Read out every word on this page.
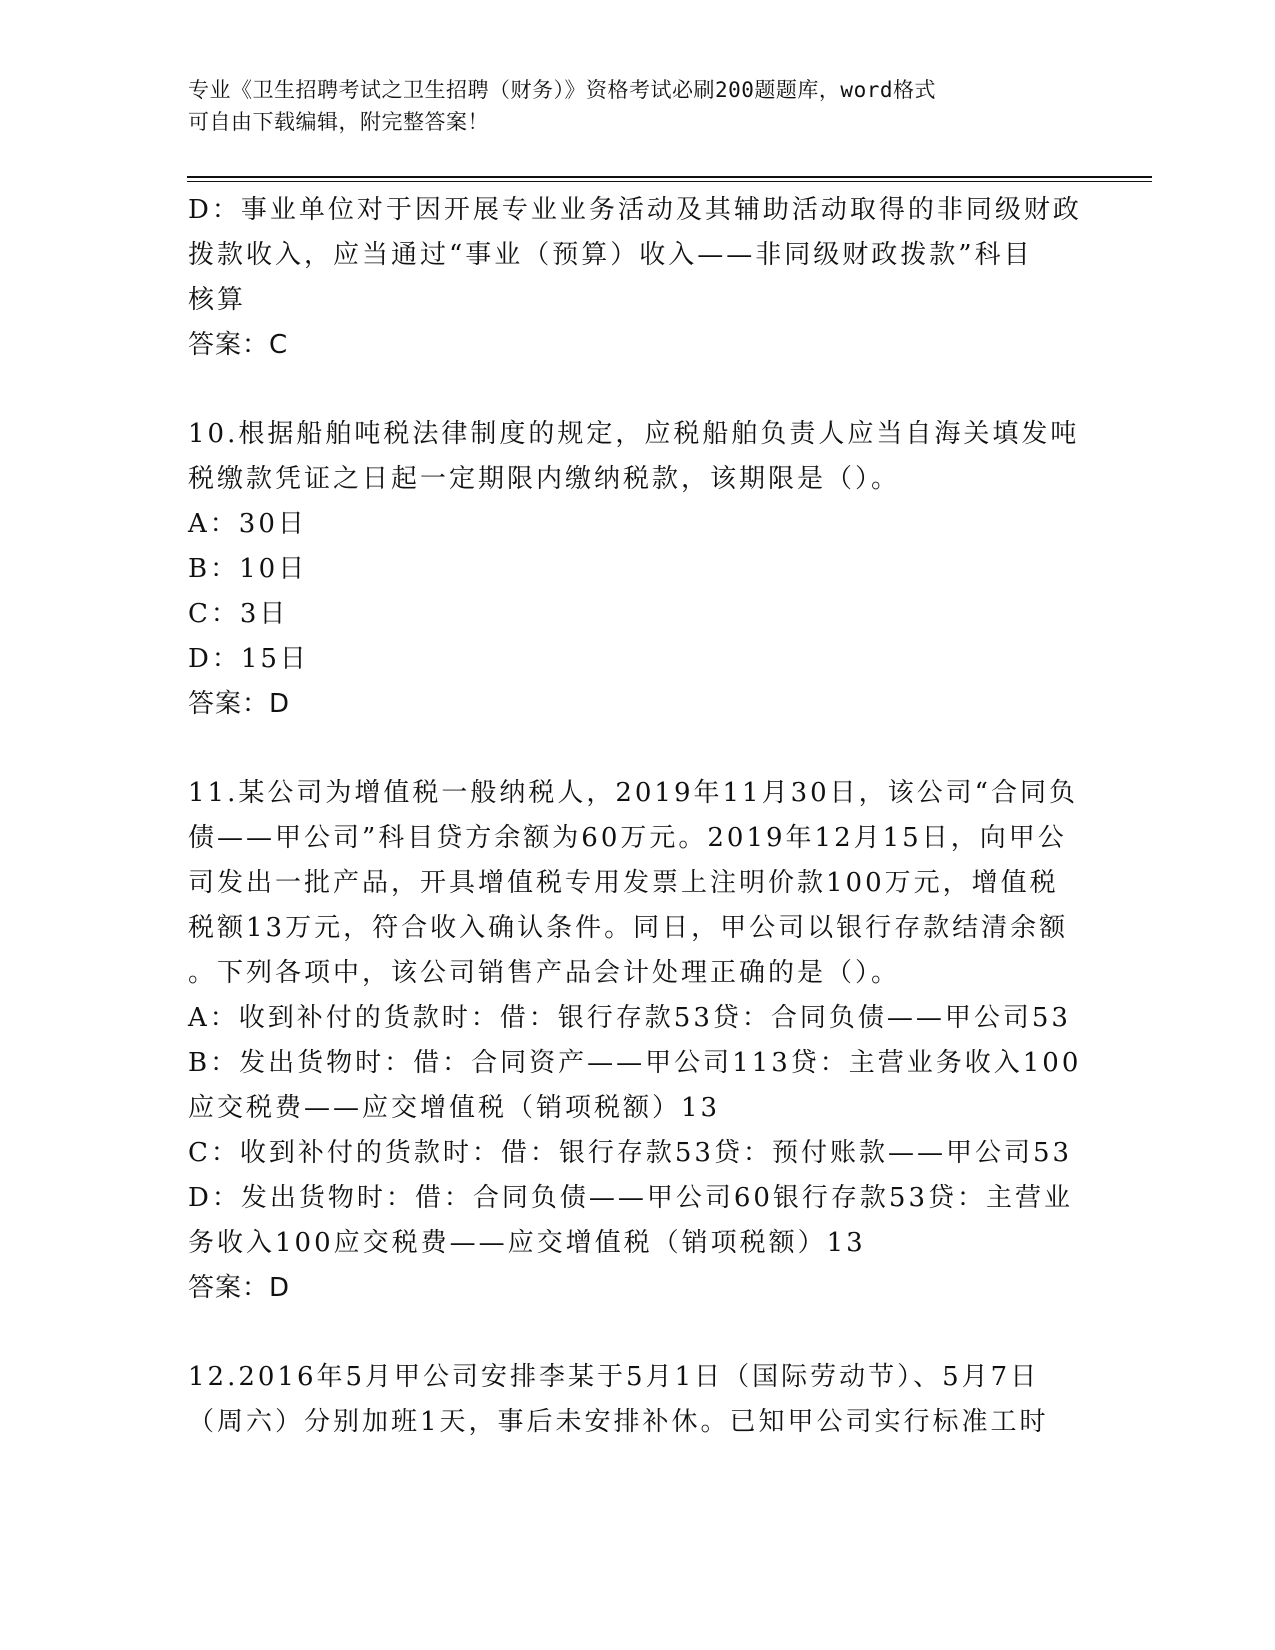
专业《卫生招聘考试之卫生招聘（财务）》资格考试必刷200题题库，word格式
可自由下载编辑，附完整答案！
D：事业单位对于因开展专业业务活动及其辅助活动取得的非同级财政
拨款收入，应当通过“事业（预算）收入——非同级财政拨款”科目
核算
答案：C
10.根据船舶吨税法律制度的规定，应税船舶负责人应当自海关填发吨
税缴款凭证之日起一定期限内缴纳税款，该期限是（）。
A：30日
B：10日
C：3日
D：15日
答案：D
11.某公司为增值税一般纳税人，2019年11月30日，该公司“合同负
债——甲公司”科目贷方余额为60万元。2019年12月15日，向甲公
司发出一批产品，开具增值税专用发票上注明价款100万元，增值税
税额13万元，符合收入确认条件。同日，甲公司以银行存款结清余额
。下列各项中，该公司销售产品会计处理正确的是（）。
A：收到补付的货款时：借：银行存款53贷：合同负债——甲公司53
B：发出货物时：借：合同资产——甲公司113贷：主营业务收入100
应交税费——应交增值税（销项税额）13
C：收到补付的货款时：借：银行存款53贷：预付账款——甲公司53
D：发出货物时：借：合同负债——甲公司60银行存款53贷：主营业
务收入100应交税费——应交增值税（销项税额）13
答案：D
12.2016年5月甲公司安排李某于5月1日（国际劳动节）、5月7日
（周六）分别加班1天，事后未安排补休。已知甲公司实行标准工时
